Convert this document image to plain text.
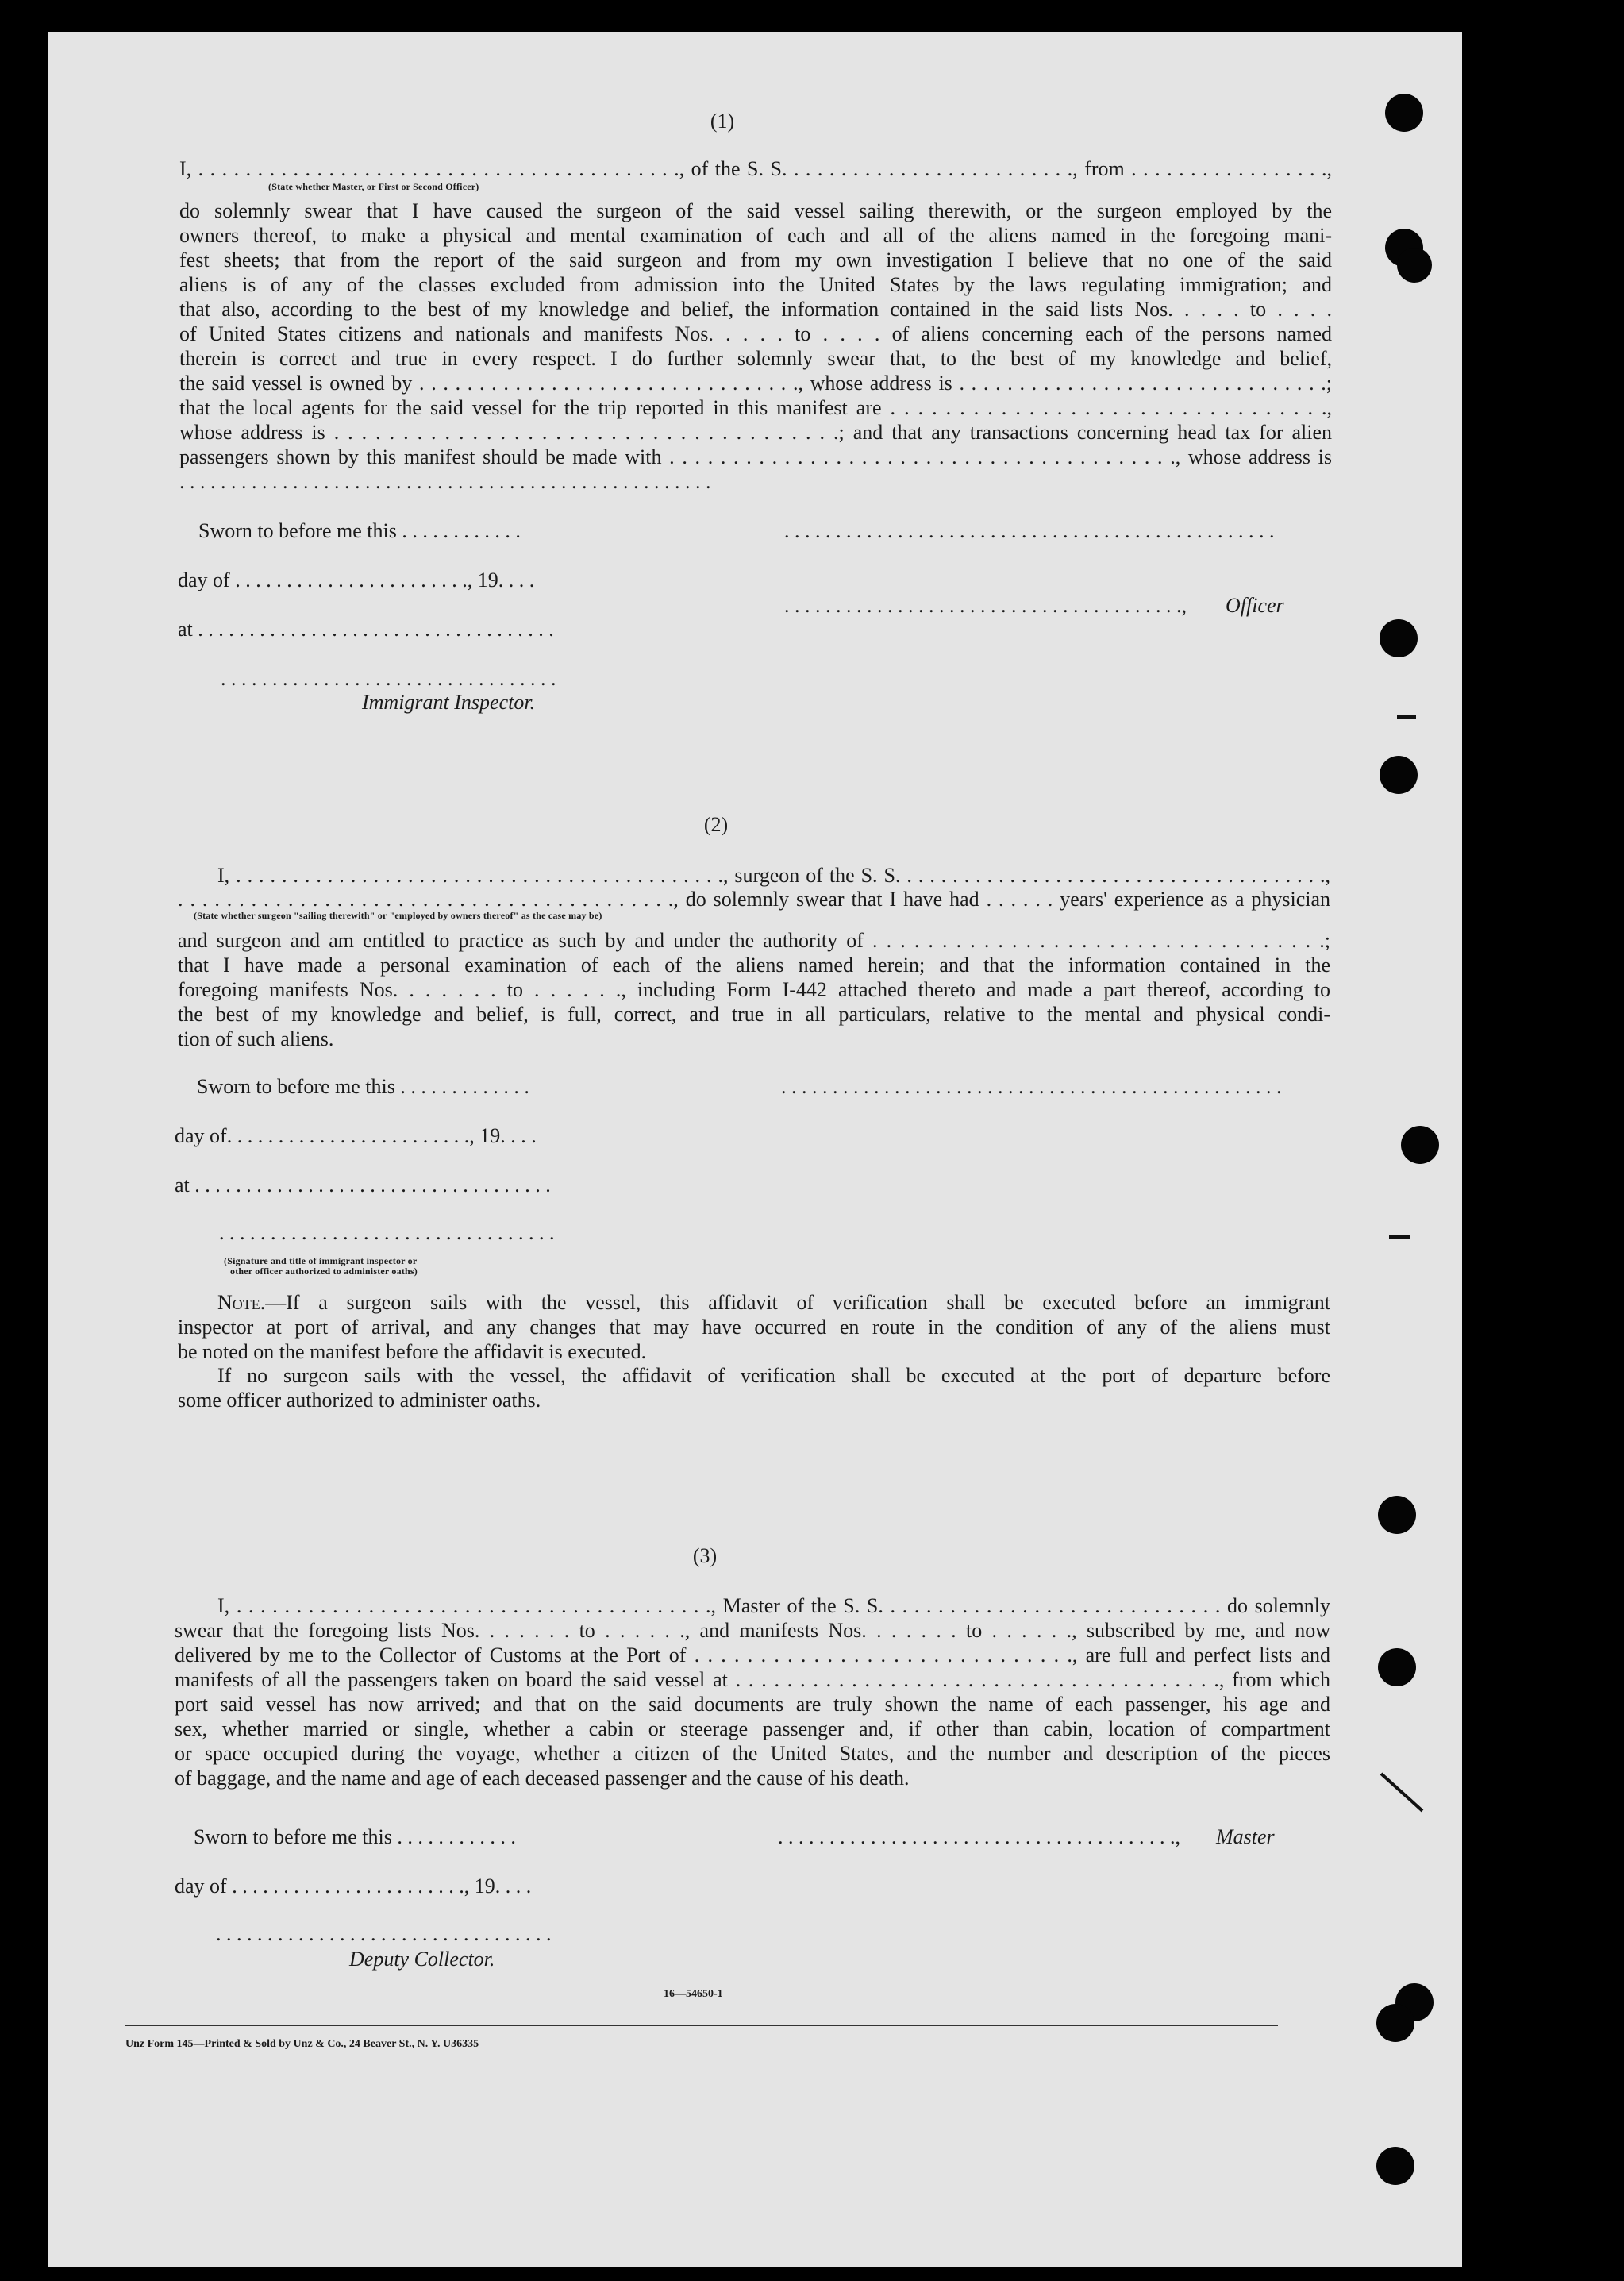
(1)
I, . . . . . . . . . . . . . . . . . . . . . . . . . . . . . . . . . . . . . . . . ., of the S. S. . . . . . . . . . . . . . . . . . . . . . . . ., from . . . . . . . . . . . . . . . . .,
(State whether Master, or First or Second Officer)
do solemnly swear that I have caused the surgeon of the said vessel sailing therewith, or the surgeon employed by the
owners thereof, to make a physical and mental examination of each and all of the aliens named in the foregoing mani-
fest sheets; that from the report of the said surgeon and from my own investigation I believe that no one of the said
aliens is of any of the classes excluded from admission into the United States by the laws regulating immigration; and
that also, according to the best of my knowledge and belief, the information contained in the said lists Nos. . . . . to . . . .
of United States citizens and nationals and manifests Nos. . . . . to . . . . of aliens concerning each of the persons named
therein is correct and true in every respect. I do further solemnly swear that, to the best of my knowledge and belief,
the said vessel is owned by . . . . . . . . . . . . . . . . . . . . . . . . . . . . . . . ., whose address is . . . . . . . . . . . . . . . . . . . . . . . . . . . . . . .;
that the local agents for the said vessel for the trip reported in this manifest are . . . . . . . . . . . . . . . . . . . . . . . . . . . . . . . .,
whose address is . . . . . . . . . . . . . . . . . . . . . . . . . . . . . . . . . . . . .; and that any transactions concerning head tax for alien
passengers shown by this manifest should be made with . . . . . . . . . . . . . . . . . . . . . . . . . . . . . . . . . . . . . . . ., whose address is
. . . . . . . . . . . . . . . . . . . . . . . . . . . . . . . . . . . . . . . . . . . . . . . . . . . .
Sworn to before me this . . . . . . . . . . . .	. . . . . . . . . . . . . . . . . . . . . . . . . . . . . . . . . . . . . . . . . . . . . . . .
day of . . . . . . . . . . . . . . . . . . . . . . ., 19. . . .
. . . . . . . . . . . . . . . . . . . . . . . . . . . . . . . . . . . . . . ., Officer
at . . . . . . . . . . . . . . . . . . . . . . . . . . . . . . . . . . .
. . . . . . . . . . . . . . . . . . . . . . . . . . . . . . . . .
Immigrant Inspector.
(2)
I, . . . . . . . . . . . . . . . . . . . . . . . . . . . . . . . . . . . . . . . . . . ., surgeon of the S. S. . . . . . . . . . . . . . . . . . . . . . . . . . . . . . . . . . . . . .,
. . . . . . . . . . . . . . . . . . . . . . . . . . . . . . . . . . . . . . . . ., do solemnly swear that I have had . . . . . . years' experience as a physician
(State whether surgeon "sailing therewith" or "employed by owners thereof" as the case may be)
and surgeon and am entitled to practice as such by and under the authority of . . . . . . . . . . . . . . . . . . . . . . . . . . . . . . . . .;
that I have made a personal examination of each of the aliens named herein; and that the information contained in the
foregoing manifests Nos. . . . . . . to . . . . . ., including Form I-442 attached thereto and made a part thereof, according to
the best of my knowledge and belief, is full, correct, and true in all particulars, relative to the mental and physical condi-
tion of such aliens.
Sworn to before me this . . . . . . . . . . . . .	. . . . . . . . . . . . . . . . . . . . . . . . . . . . . . . . . . . . . . . . . . . . . . . . .
day of. . . . . . . . . . . . . . . . . . . . . . . ., 19. . . .
at . . . . . . . . . . . . . . . . . . . . . . . . . . . . . . . . . . .
. . . . . . . . . . . . . . . . . . . . . . . . . . . . . . . . .
(Signature and title of immigrant inspector or
other officer authorized to administer oaths)
Note.—If a surgeon sails with the vessel, this affidavit of verification shall be executed before an immigrant
inspector at port of arrival, and any changes that may have occurred en route in the condition of any of the aliens must
be noted on the manifest before the affidavit is executed.
If no surgeon sails with the vessel, the affidavit of verification shall be executed at the port of departure before
some officer authorized to administer oaths.
(3)
I, . . . . . . . . . . . . . . . . . . . . . . . . . . . . . . . . . . . . . . . ., Master of the S. S. . . . . . . . . . . . . . . . . . . . . . . . . . . . . do solemnly
swear that the foregoing lists Nos. . . . . . . to . . . . . ., and manifests Nos. . . . . . . to . . . . . ., subscribed by me, and now
delivered by me to the Collector of Customs at the Port of . . . . . . . . . . . . . . . . . . . . . . . . . . . . ., are full and perfect lists and
manifests of all the passengers taken on board the said vessel at . . . . . . . . . . . . . . . . . . . . . . . . . . . . . . . . . . . . . ., from which
port said vessel has now arrived; and that on the said documents are truly shown the name of each passenger, his age and
sex, whether married or single, whether a cabin or steerage passenger and, if other than cabin, location of compartment
or space occupied during the voyage, whether a citizen of the United States, and the number and description of the pieces
of baggage, and the name and age of each deceased passenger and the cause of his death.
Sworn to before me this . . . . . . . . . . . .	. . . . . . . . . . . . . . . . . . . . . . . . . . . . . . . . . . . . . . ., Master
day of . . . . . . . . . . . . . . . . . . . . . . ., 19. . . .
. . . . . . . . . . . . . . . . . . . . . . . . . . . . . . . . .
Deputy Collector.
16—54650-1
Unz Form 145—Printed & Sold by Unz & Co., 24 Beaver St., N. Y. U36335
